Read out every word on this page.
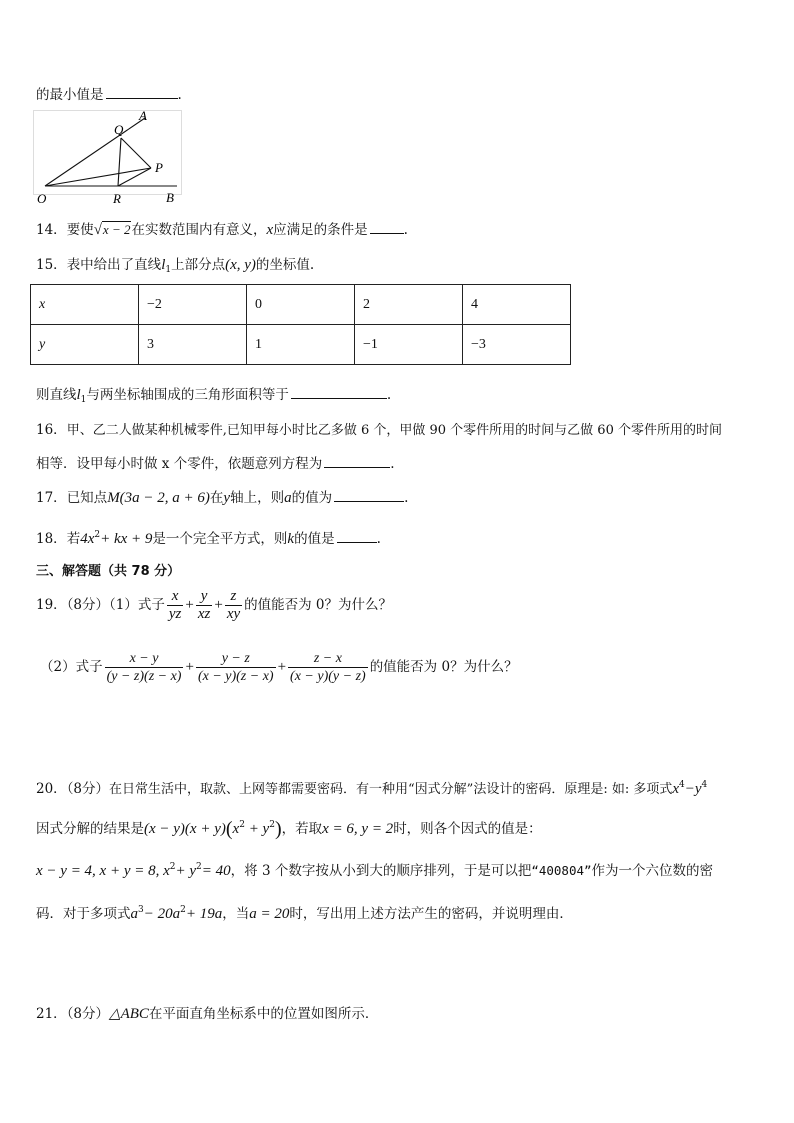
的最小值是	.
O
Q
A
P
R	B
14．要使√x − 2在实数范围内有意义，x应满足的条件是	.
15．表中给出了直线$l_1$上部分点(x, y)的坐标值.
x	−2	0	2	4
y	3	1	−1	−3
则直线$l_1$与两坐标轴围成的三角形面积等于	.
16．甲、乙二人做某种机械零件,已知甲每小时比乙多做 6 个，甲做 90 个零件所用的时间与乙做 60 个零件所用的时间
相等．设甲每小时做 x 个零件，依题意列方程为	.
17．已知点M(3a − 2, a + 6)在y轴上，则a的值为	.
18．若$4x^2+$ kx + 9是一个完全平方式，则k的值是	.
三、解答题（共 78 分）
19．（8分）（1）式子 $\frac{x}{yz} + \frac{y}{xz} + \frac{z}{xy}$ 的值能否为 0？为什么？
（2）式子 $\frac{x - y}{(y - z)(z - x)} + \frac{y - z}{(x - y)(z - x)} + \frac{z - x}{(x - y)(y - z)}$ 的值能否为 0？为什么？
20．（8分）在日常生活中，取款、上网等都需要密码．有一种用“因式分解”法设计的密码．原理是: 如: 多项式$x^4-y^4$
因式分解的结果是$(x - y)(x + y)(x^2 + y^2)$，若取x = 6, y = 2时，则各个因式的值是：
x − y = 4, x + y = 8, $x^2+ y^2= 40$，将 3 个数字按从小到大的顺序排列，于是可以把“400804”作为一个六位数的密
码．对于多项式$a^3- 20a^2+ 19a$，当a = 20时，写出用上述方法产生的密码，并说明理由．
21．（8分）△ABC在平面直角坐标系中的位置如图所示．
